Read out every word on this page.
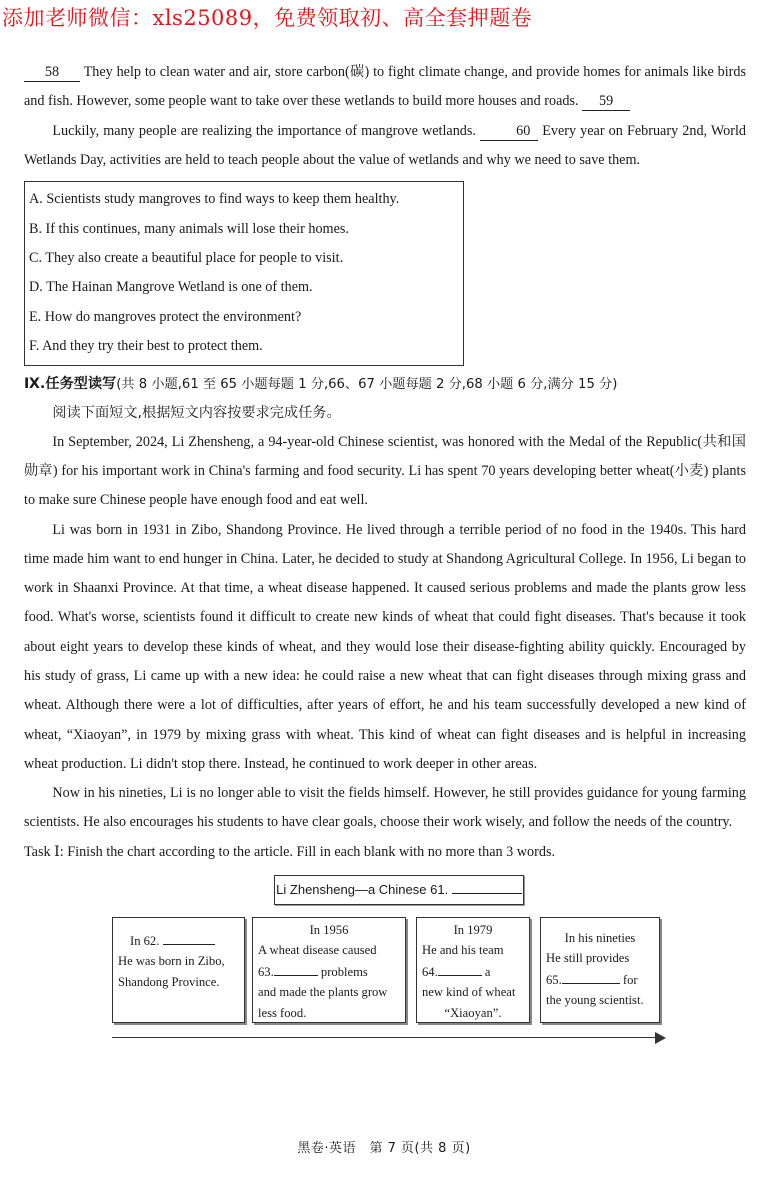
添加老师微信：xls25089，免费领取初、高全套押题卷

58 They help to clean water and air, store carbon(碳) to fight climate change, and provide homes for animals like birds and fish. However, some people want to take over these wetlands to build more houses and roads. 59

Luckily, many people are realizing the importance of mangrove wetlands.	60 Every year on February 2nd, World Wetlands Day, activities are held to teach people about the value of wetlands and why we need to save them.

A. Scientists study mangroves to find ways to keep them healthy.
B. If this continues, many animals will lose their homes.
C. They also create a beautiful place for people to visit.
D. The Hainan Mangrove Wetland is one of them.
E. How do mangroves protect the environment?
F. And they try their best to protect them.
Ⅸ.任务型读写(共 8 小题,61 至 65 小题每题 1 分,66、67 小题每题 2 分,68 小题 6 分,满分 15 分)
阅读下面短文,根据短文内容按要求完成任务。

In September, 2024, Li Zhensheng, a 94-year-old Chinese scientist, was honored with the Medal of the Republic(共和国勋章) for his important work in China's farming and food security. Li has spent 70 years developing better wheat(小麦) plants to make sure Chinese people have enough food and eat well.

Li was born in 1931 in Zibo, Shandong Province. He lived through a terrible period of no food in the 1940s. This hard time made him want to end hunger in China. Later, he decided to study at Shandong Agricultural College. In 1956, Li began to work in Shaanxi Province. At that time, a wheat disease happened. It caused serious problems and made the plants grow less food. What's worse, scientists found it difficult to create new kinds of wheat that could fight diseases. That's because it took about eight years to develop these kinds of wheat, and they would lose their disease-fighting ability quickly. Encouraged by his study of grass, Li came up with a new idea: he could raise a new wheat that can fight diseases through mixing grass and wheat. Although there were a lot of difficulties, after years of effort, he and his team successfully developed a new kind of wheat, “Xiaoyan”, in 1979 by mixing grass with wheat. This kind of wheat can fight diseases and is helpful in increasing wheat production. Li didn't stop there. Instead, he continued to work deeper in other areas.

Now in his nineties, Li is no longer able to visit the fields himself. However, he still provides guidance for young farming scientists. He also encourages his students to have clear goals, choose their work wisely, and follow the needs of the country.

Task Ⅰ: Finish the chart according to the article. Fill in each blank with no more than 3 words.
Li Zhensheng—a Chinese 61.
In 62.
He was born in Zibo,
Shandong Province.
In 1956
A wheat disease caused
63.	problems
and made the plants grow
less food.
In 1979
He and his team
64.	a
new kind of wheat
“Xiaoyan”.
In his nineties
He still provides
65.	for
the young scientist.
黑卷·英语　第 7 页(共 8 页)
